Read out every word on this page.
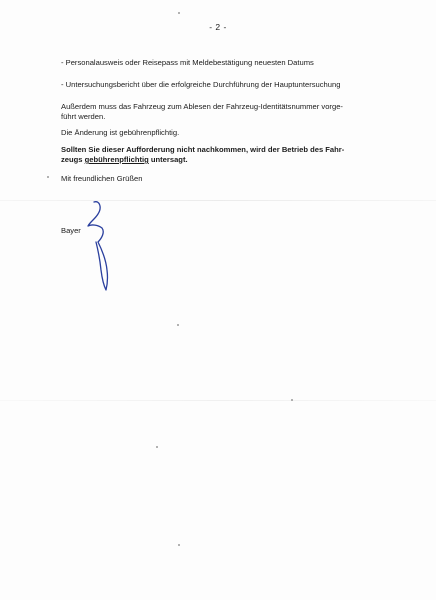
- 2 -
- Personalausweis oder Reisepass mit Meldebestätigung neuesten Datums
- Untersuchungsbericht über die erfolgreiche Durchführung der Hauptuntersuchung
Außerdem muss das Fahrzeug zum Ablesen der Fahrzeug-Identitätsnummer vorge-
führt werden.
Die Änderung ist gebührenpflichtig.
Sollten Sie dieser Aufforderung nicht nachkommen, wird der Betrieb des Fahr-
zeugs gebührenpflichtig untersagt.
Mit freundlichen Grüßen
Bayer
